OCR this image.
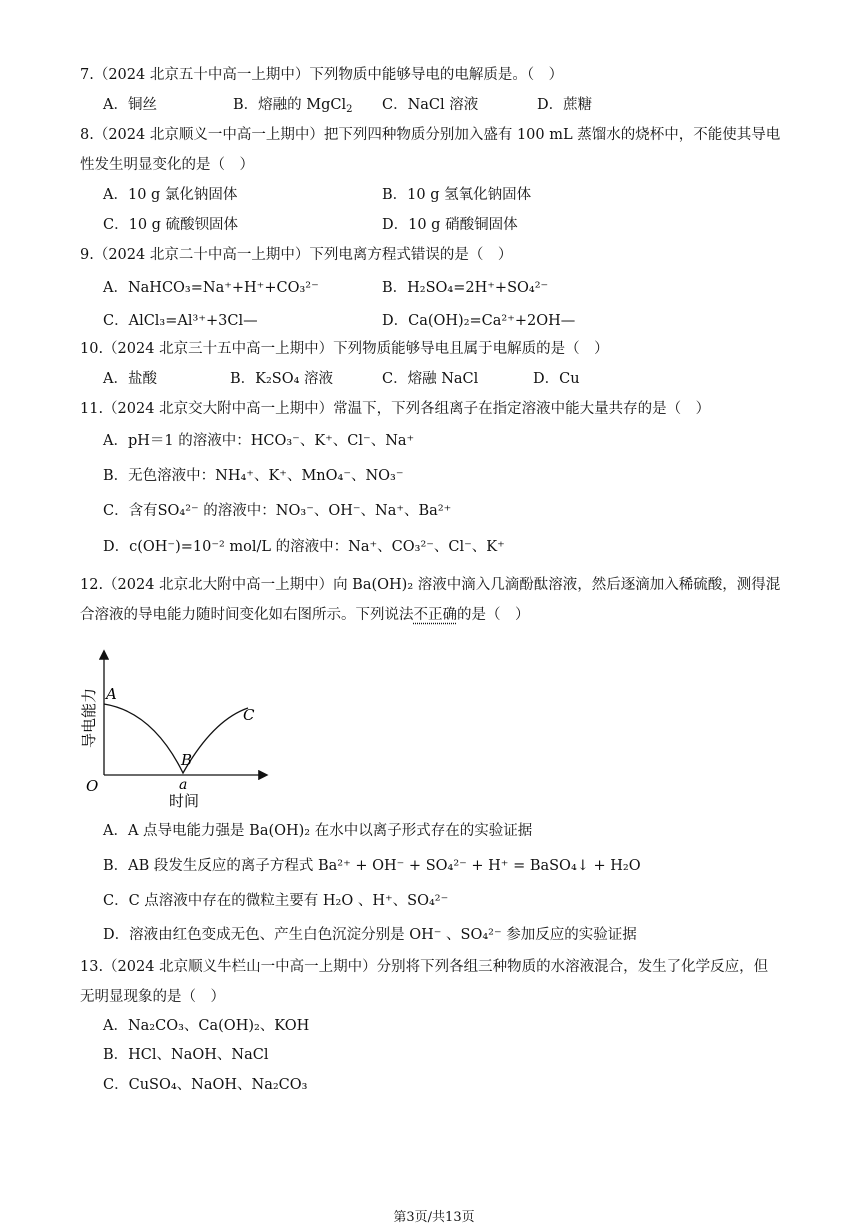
7.（2024 北京五十中高一上期中）下列物质中能够导电的电解质是。（　）
A．铜丝	B．熔融的 MgCl$_2$ C．NaCl 溶液	D．蔗糖
8.（2024 北京顺义一中高一上期中）把下列四种物质分别加入盛有 100 mL 蒸馏水的烧杯中，不能使其导电
性发生明显变化的是（　）
A．10 g 氯化钠固体	B．10 g 氢氧化钠固体
C．10 g 硫酸钡固体	D．10 g 硝酸铜固体
9.（2024 北京二十中高一上期中）下列电离方程式错误的是（　）
A．NaHCO₃=Na⁺+H⁺+CO₃²⁻	B．H₂SO₄=2H⁺+SO₄²⁻
C．AlCl₃=Al³⁺+3Cl—	D．Ca(OH)₂=Ca²⁺+2OH—
10.（2024 北京三十五中高一上期中）下列物质能够导电且属于电解质的是（　）
A．盐酸	B．K₂SO₄ 溶液	C．熔融 NaCl	D．Cu
11.（2024 北京交大附中高一上期中）常温下，下列各组离子在指定溶液中能大量共存的是（　）
A．pH＝1 的溶液中：HCO₃⁻、K⁺、Cl⁻、Na⁺
B．无色溶液中：NH₄⁺、K⁺、MnO₄⁻、NO₃⁻
C．含有SO₄²⁻ 的溶液中：NO₃⁻、OH⁻、Na⁺、Ba²⁺
D．c(OH⁻)=10⁻² mol/L 的溶液中：Na⁺、CO₃²⁻、Cl⁻、K⁺
12.（2024 北京北大附中高一上期中）向 Ba(OH)₂ 溶液中滴入几滴酚酞溶液，然后逐滴加入稀硫酸，测得混
合溶液的导电能力随时间变化如右图所示。下列说法不正确的是（　）
导电能力 A
B
C
O	a
时间
A．A 点导电能力强是 Ba(OH)₂ 在水中以离子形式存在的实验证据
B．AB 段发生反应的离子方程式 Ba²⁺ + OH⁻ + SO₄²⁻ + H⁺ = BaSO₄↓ + H₂O
C．C 点溶液中存在的微粒主要有 H₂O 、H⁺、SO₄²⁻
D．溶液由红色变成无色、产生白色沉淀分别是 OH⁻ 、SO₄²⁻ 参加反应的实验证据
13.（2024 北京顺义牛栏山一中高一上期中）分别将下列各组三种物质的水溶液混合，发生了化学反应，但
无明显现象的是（　）
A．Na₂CO₃、Ca(OH)₂、KOH
B．HCl、NaOH、NaCl
C．CuSO₄、NaOH、Na₂CO₃
第3页/共13页
